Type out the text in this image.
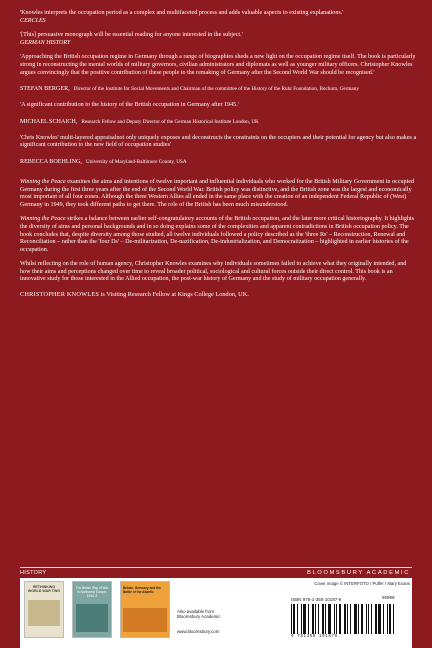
'Knowles interprets the occupation period as a complex and multifaceted process and adds valuable aspects to existing explanations.'
CERCLES
'[This] persuasive monograph will be essential reading for anyone interested in the subject.'
GERMAN HISTORY
'Approaching the British occupation regime in Germany through a range of biographies sheds a new light on the occupation regime itself. The book is particularly strong in reconstructing the mental worlds of military governors, civilian administrators and diplomats as well as younger military officers. Christopher Knowles argues convincingly that the positive contribution of these people to the remaking of Germany after the Second World War should be recognised.'
STEFAN BERGER, Director of the Institute for Social Movements and Chairman of the committee of the History of the Ruhr Foundation, Bochum, Germany
'A significant contribution to the history of the British occupation in Germany after 1945.'
MICHAEL SCHAICH, Research Fellow and Deputy Director of the German Historical Institute London, UK
'Chris Knowles' multi-layered appraisalnot only uniquely exposes and deconstructs the constraints on the occupiers and their potential for agency but also makes a significant contribution to the new field of occupation studies'
REBECCA BOEHLING, University of Maryland-Baltimore County, USA

Winning the Peace examines the aims and intentions of twelve important and influential individuals who worked for the British Military Government in occupied Germany during the first three years after the end of the Second World War. British policy was distinctive, and the British zone was the largest and economically most important of all four zones. Although the three Western Allies all ended in the same place with the creation of an independent Federal Republic of (West) Germany in 1949, they took different paths to get there. The role of the British has been much misunderstood.

Winning the Peace strikes a balance between earlier self-congratulatory accounts of the British occupation, and the later more critical historiography. It highlights the diversity of aims and personal backgrounds and in so doing explains some of the complexities and apparent contradictions in British occupation policy. The book concludes that, despite diversity among those studied, all twelve individuals followed a policy described as the 'three Rs' – Reconstruction, Renewal and Reconciliation – rather than the 'four Ds' – De-militarization, De-nazification, De-industrialization, and Democratization – highlighted in earlier histories of the occupation.

Whilst reflecting on the role of human agency, Christopher Knowles examines why individuals sometimes failed to achieve what they originally intended, and how their aims and perceptions changed over time to reveal broader political, sociological and cultural forces outside their direct control. This book is an innovative study for those interested in the Allied occupation, the post-war history of Germany and the study of military occupation generally.

CHRISTOPHER KNOWLES is Visiting Research Fellow at Kings College London, UK.

HISTORY	BLOOMSBURY ACADEMIC
RETHINKING WORLD WAR TWO
The British Way of War in Northwest Europe, 1944–5
Britain, Germany and the Battle of the Atlantic
Also available from
Bloomsbury Academic
www.bloomsbury.com
Cover image © INTERFOTO / Pulfer / Mary Evans
ISBN 978-1-350-10187-6	90000
9 781350 101876
